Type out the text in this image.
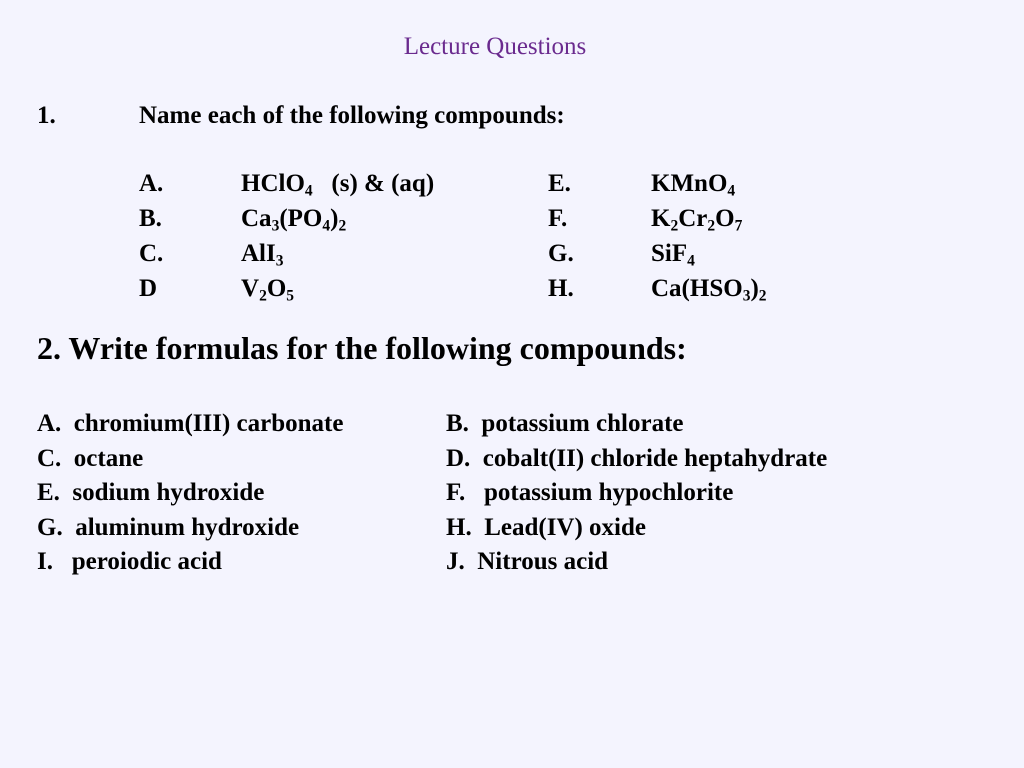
Lecture Questions
1.	Name each of the following compounds:
A.	HClO$_4$   (s) & (aq)	E.	KMnO$_4$
B.	$Ca_3(PO_4)_2$	F.	$K_2Cr_2O_7$
C.	AlI$_3$	G.	SiF$_4$
D	$V_2O_5$	H.	$Ca(HSO_3)_2$
2. Write formulas for the following compounds:
A.  chromium(III) carbonate	B.  potassium chlorate
C.  octane	D.  cobalt(II) chloride heptahydrate
E.  sodium hydroxide	F.   potassium hypochlorite
G.  aluminum hydroxide	H.  Lead(IV) oxide
I.   peroiodic acid	J.  Nitrous acid
